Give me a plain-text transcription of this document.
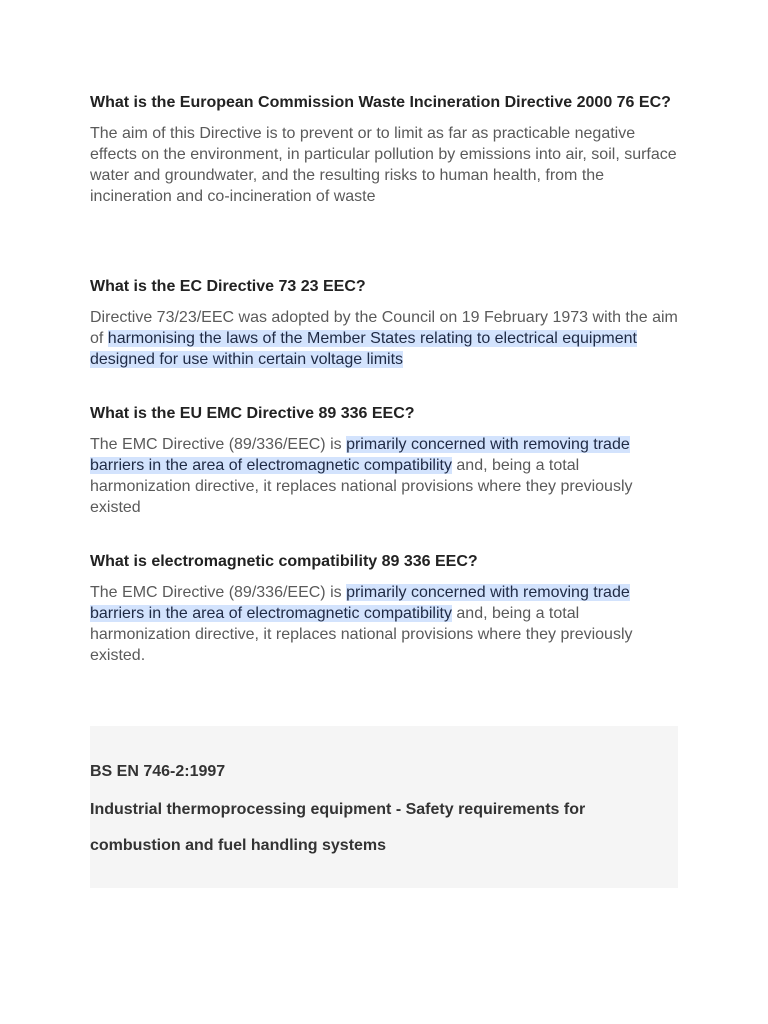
What is the European Commission Waste Incineration Directive 2000 76 EC?

The aim of this Directive is to prevent or to limit as far as practicable negative effects on the environment, in particular pollution by emissions into air, soil, surface water and groundwater, and the resulting risks to human health, from the incineration and co-incineration of waste

What is the EC Directive 73 23 EEC?

Directive 73/23/EEC was adopted by the Council on 19 February 1973 with the aim of harmonising the laws of the Member States relating to electrical equipment designed for use within certain voltage limits

What is the EU EMC Directive 89 336 EEC?

The EMC Directive (89/336/EEC) is primarily concerned with removing trade barriers in the area of electromagnetic compatibility and, being a total harmonization directive, it replaces national provisions where they previously existed

What is electromagnetic compatibility 89 336 EEC?

The EMC Directive (89/336/EEC) is primarily concerned with removing trade barriers in the area of electromagnetic compatibility and, being a total harmonization directive, it replaces national provisions where they previously existed.

BS EN 746-2:1997

Industrial thermoprocessing equipment - Safety requirements for combustion and fuel handling systems
